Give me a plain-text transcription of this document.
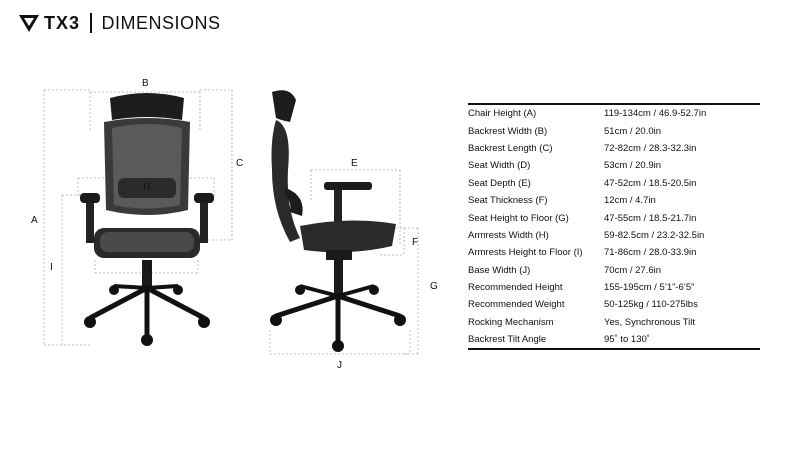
TX3 DIMENSIONS
A
B
C
D
E
F
G
H
I
J
Chair Height (A)	119-134cm / 46.9-52.7in
Backrest Width (B)	51cm / 20.0in
Backrest Length (C)	72-82cm / 28.3-32.3in
Seat Width (D)	53cm / 20.9in
Seat Depth (E)	47-52cm / 18.5-20.5in
Seat Thickness (F)	12cm / 4.7in
Seat Height to Floor (G)	47-55cm / 18.5-21.7in
Armrests Width (H)	59-82.5cm / 23.2-32.5in
Armrests Height to Floor (I)	71-86cm / 28.0-33.9in
Base Width (J)	70cm / 27.6in
Recommended Height	155-195cm / 5’1”-6’5”
Recommended Weight	50-125kg / 110-275lbs
Rocking Mechanism	Yes, Synchronous Tilt
Backrest Tilt Angle	95˚ to 130˚
